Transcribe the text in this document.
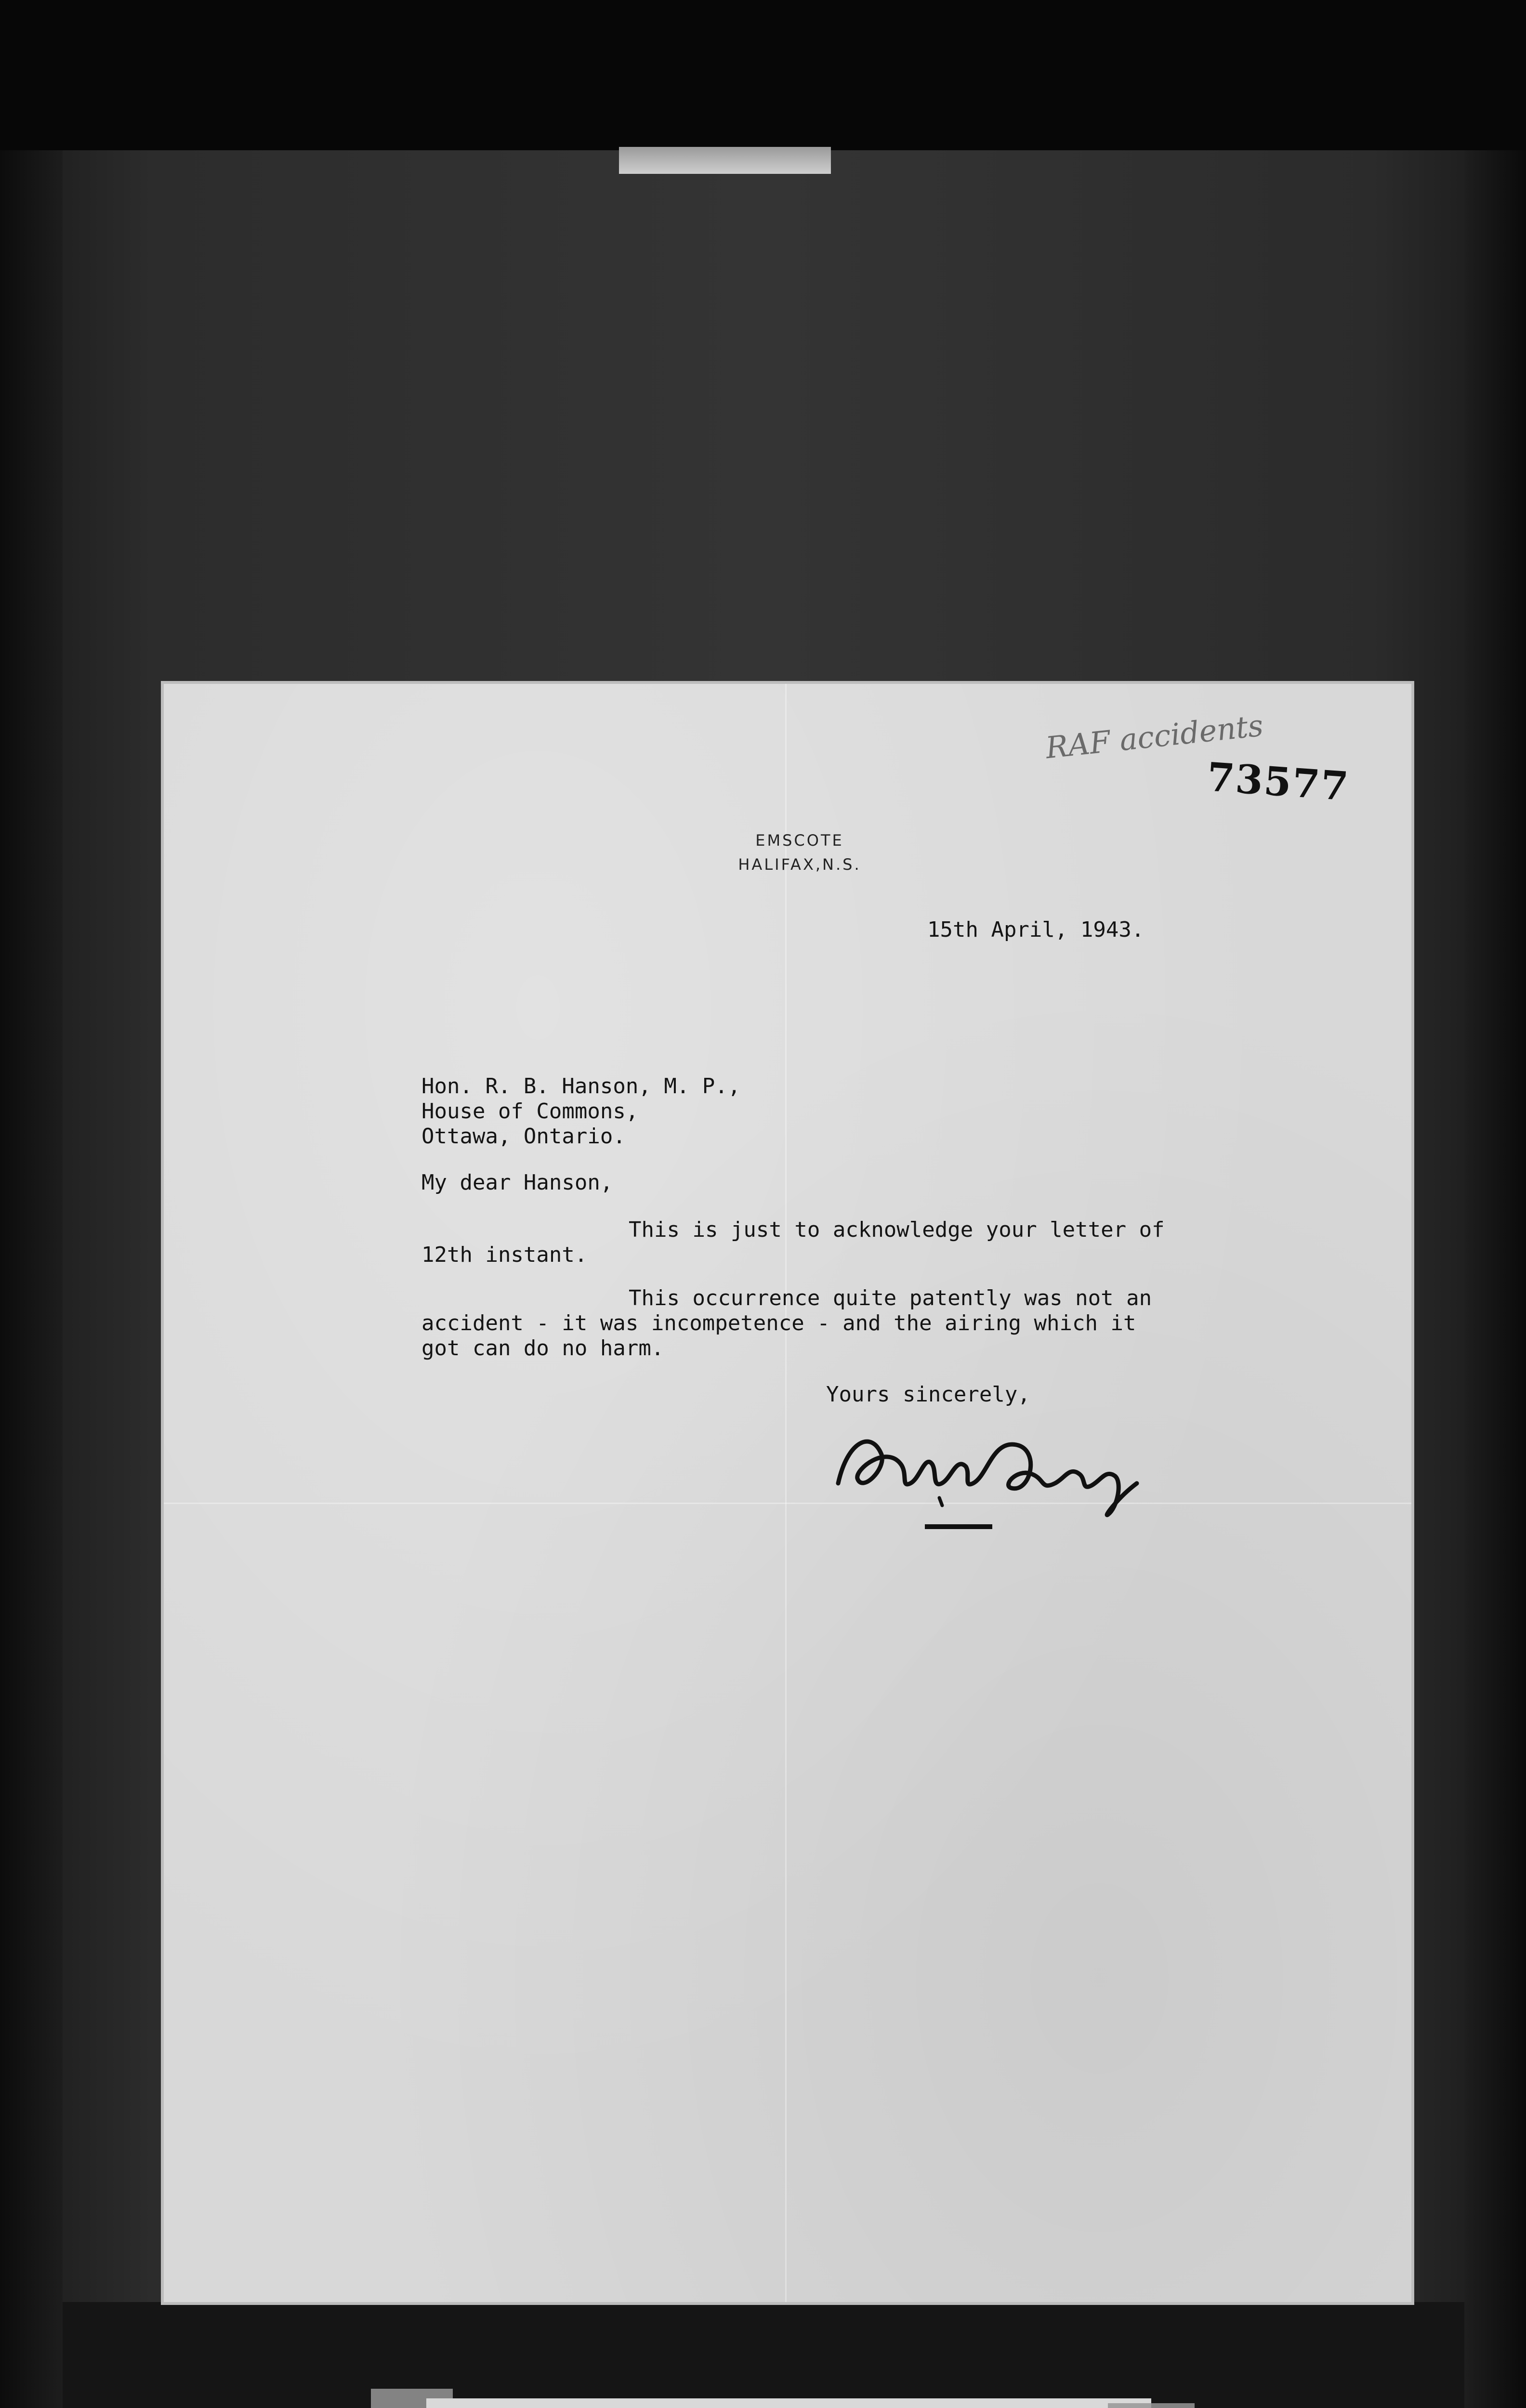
RAF accidents
73577
EMSCOTE
HALIFAX,N.S.
15th April, 1943.
Hon. R. B. Hanson, M. P.,
House of Commons,
Ottawa, Ontario.
My dear Hanson,
This is just to acknowledge your letter of
12th instant.
This occurrence quite patently was not an
accident - it was incompetence - and the airing which it
got can do no harm.
Yours sincerely,
